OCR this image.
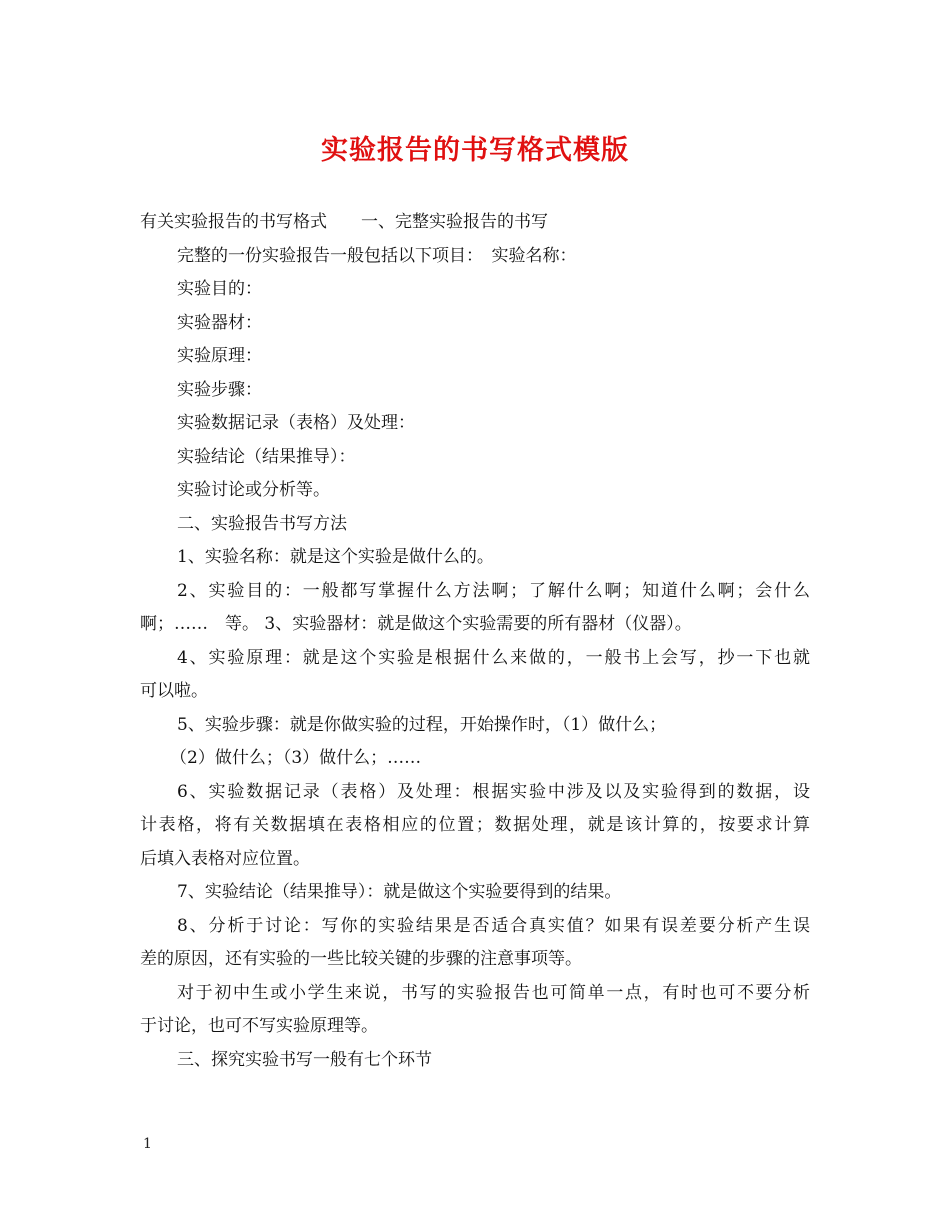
实验报告的书写格式模版
有关实验报告的书写格式　　一、完整实验报告的书写
完整的一份实验报告一般包括以下项目：　实验名称：
实验目的：
实验器材：
实验原理：
实验步骤：
实验数据记录（表格）及处理：
实验结论（结果推导）：
实验讨论或分析等。
二、实验报告书写方法
1、实验名称：就是这个实验是做什么的。
2、实验目的：一般都写掌握什么方法啊；了解什么啊；知道什么啊；会什么
啊；……　等。 3、实验器材：就是做这个实验需要的所有器材（仪器）。
4、实验原理：就是这个实验是根据什么来做的，一般书上会写，抄一下也就
可以啦。
5、实验步骤：就是你做实验的过程，开始操作时，（1）做什么；
（2）做什么；（3）做什么；……
6、实验数据记录（表格）及处理：根据实验中涉及以及实验得到的数据，设
计表格，将有关数据填在表格相应的位置；数据处理，就是该计算的，按要求计算
后填入表格对应位置。
7、实验结论（结果推导）：就是做这个实验要得到的结果。
8、分析于讨论：写你的实验结果是否适合真实值？如果有误差要分析产生误
差的原因，还有实验的一些比较关键的步骤的注意事项等。
对于初中生或小学生来说，书写的实验报告也可简单一点，有时也可不要分析
于讨论，也可不写实验原理等。
三、探究实验书写一般有七个环节
1
